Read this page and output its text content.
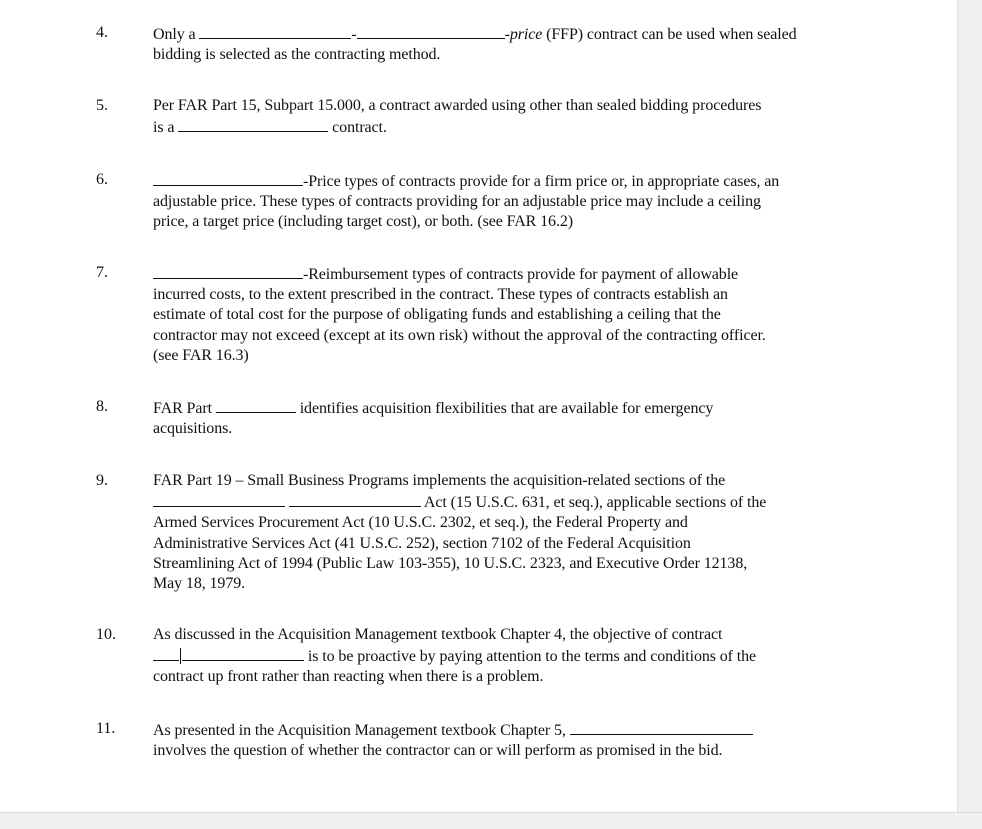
4.	Only a	-	-price (FFP) contract can be used when sealed
bidding is selected as the contracting method.
5.	Per FAR Part 15, Subpart 15.000, a contract awarded using other than sealed bidding procedures
is a	contract.
6.	-Price types of contracts provide for a firm price or, in appropriate cases, an
adjustable price. These types of contracts providing for an adjustable price may include a ceiling
price, a target price (including target cost), or both. (see FAR 16.2)
7.	-Reimbursement types of contracts provide for payment of allowable
incurred costs, to the extent prescribed in the contract. These types of contracts establish an
estimate of total cost for the purpose of obligating funds and establishing a ceiling that the
contractor may not exceed (except at its own risk) without the approval of the contracting officer.
(see FAR 16.3)
8.	FAR Part	identifies acquisition flexibilities that are available for emergency
acquisitions.
9.	FAR Part 19 – Small Business Programs implements the acquisition-related sections of the
Act (15 U.S.C. 631, et seq.), applicable sections of the
Armed Services Procurement Act (10 U.S.C. 2302, et seq.), the Federal Property and
Administrative Services Act (41 U.S.C. 252), section 7102 of the Federal Acquisition
Streamlining Act of 1994 (Public Law 103-355), 10 U.S.C. 2323, and Executive Order 12138,
May 18, 1979.
10. As discussed in the Acquisition Management textbook Chapter 4, the objective of contract
is to be proactive by paying attention to the terms and conditions of the
contract up front rather than reacting when there is a problem.
11. As presented in the Acquisition Management textbook Chapter 5,
involves the question of whether the contractor can or will perform as promised in the bid.
